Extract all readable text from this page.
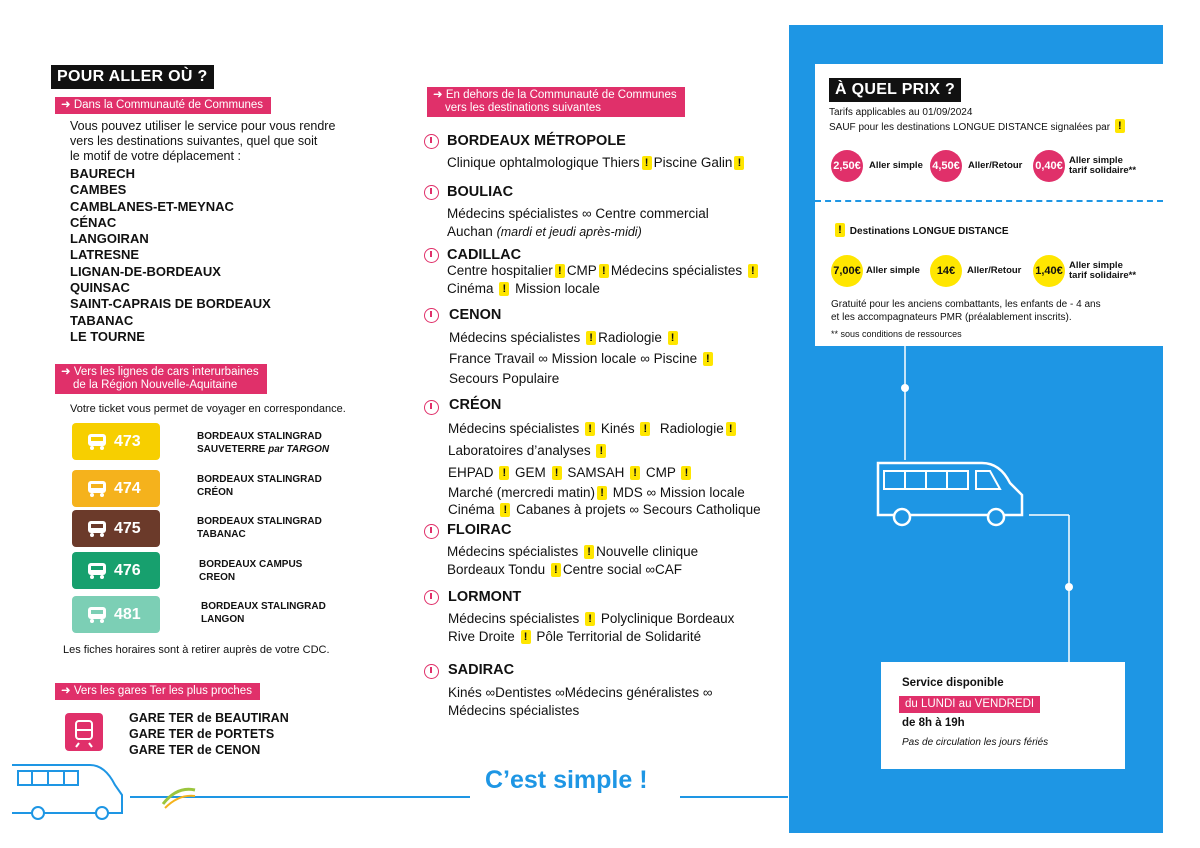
POUR ALLER OÙ ?
➜ Dans la Communauté de Communes
Vous pouvez utiliser le service pour vous rendre
vers les destinations suivantes, quel que soit
le motif de votre déplacement :
BAURECH
CAMBES
CAMBLANES-ET-MEYNAC
CÉNAC
LANGOIRAN
LATRESNE
LIGNAN-DE-BORDEAUX
QUINSAC
SAINT-CAPRAIS DE BORDEAUX
TABANAC
LE TOURNE
➜ Vers les lignes de cars interurbaines
de la Région Nouvelle-Aquitaine
Votre ticket vous permet de voyager en correspondance.
473	BORDEAUX STALINGRAD
SAUVETERRE par TARGON
474	BORDEAUX STALINGRAD
CRÉON
475	BORDEAUX STALINGRAD
TABANAC
476	BORDEAUX CAMPUS
CREON
481	BORDEAUX STALINGRAD
LANGON
Les fiches horaires sont à retirer auprès de votre CDC.
➜ Vers les gares Ter les plus proches
GARE TER de BEAUTIRAN
GARE TER de PORTETS
GARE TER de CENON
➜ En dehors de la Communauté de Communes
vers les destinations suivantes
BORDEAUX MÉTROPOLE
Clinique ophtalmologique Thiers ! Piscine Galin !
BOULIAC
Médecins spécialistes ∞ Centre commercial
Auchan (mardi et jeudi après-midi)
CADILLAC
Centre hospitalier ! CMP ! Médecins spécialistes !
Cinéma ! Mission locale
CENON
Médecins spécialistes ! Radiologie !
France Travail ∞ Mission locale ∞ Piscine !
Secours Populaire
CRÉON
Médecins spécialistes ! Kinés ! Radiologie !
Laboratoires d’analyses !
EHPAD ! GEM ! SAMSAH ! CMP !
Marché (mercredi matin) ! MDS ∞ Mission locale
Cinéma ! Cabanes à projets ∞ Secours Catholique
FLOIRAC
Médecins spécialistes ! Nouvelle clinique
Bordeaux Tondu ! Centre social ∞CAF
LORMONT
Médecins spécialistes ! Polyclinique Bordeaux
Rive Droite ! Pôle Territorial de Solidarité
SADIRAC
Kinés ∞Dentistes ∞Médecins généralistes ∞
Médecins spécialistes
C’est simple !
À QUEL PRIX ?
Tarifs applicables au 01/09/2024
SAUF pour les destinations LONGUE DISTANCE signalées par !
2,50€ Aller simple 4,50€ Aller/Retour 0,40€ Aller simple
tarif solidaire**
! Destinations LONGUE DISTANCE
7,00€ Aller simple	14€	Aller/Retour 1,40€ Aller simple
tarif solidaire**
Gratuité pour les anciens combattants, les enfants de - 4 ans
et les accompagnateurs PMR (préalablement inscrits).
** sous conditions de ressources
Service disponible
du LUNDI au VENDREDI
de 8h à 19h
Pas de circulation les jours fériés
